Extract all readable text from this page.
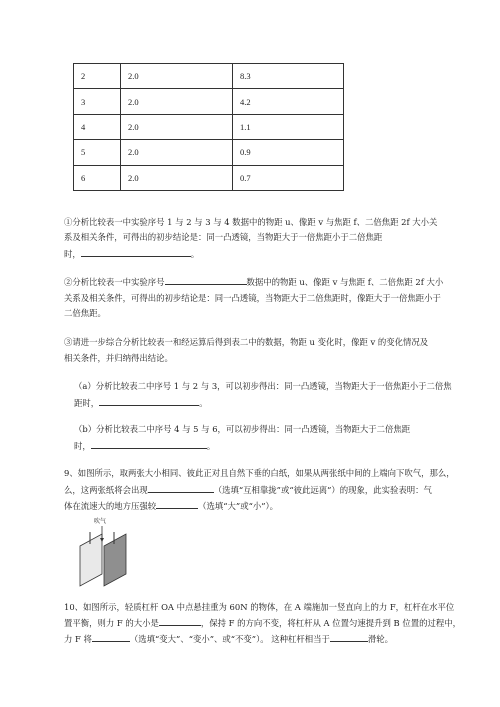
2	2.0	8.3
3	2.0	4.2
4	2.0	1.1
5	2.0	0.9
6	2.0	0.7
①分析比较表一中实验序号 1 与 2 与 3 与 4 数据中的物距 u、像距 v 与焦距 f、二倍焦距 2f 大小关
系及相关条件，可得出的初步结论是：同一凸透镜，当物距大于一倍焦距小于二倍焦距
时，	。
②分析比较表一中实验序号	数据中的物距 u、像距 v 与焦距 f、二倍焦距 2f 大小
关系及相关条件，可得出的初步结论是：同一凸透镜，当物距大于二倍焦距时，像距大于一倍焦距小于
二倍焦距。
③请进一步综合分析比较表一和经运算后得到表二中的数据，物距 u 变化时，像距 v 的变化情况及
相关条件，并归纳得出结论。
（a）分析比较表二中序号 1 与 2 与 3，可以初步得出：同一凸透镜，当物距大于一倍焦距小于二倍焦
距时，	。
（b）分析比较表二中序号 4 与 5 与 6，可以初步得出：同一凸透镜，当物距大于二倍焦距
时，	。
9、如图所示，取两张大小相同、彼此正对且自然下垂的白纸，如果从两张纸中间的上端向下吹气，那么，
么，这两张纸将会出现	（选填“互相靠拢”或“彼此远离”）的现象，此实验表明：气
体在流速大的地方压强较	（选填“大”或“小”）。
吹气
10、如图所示，轻质杠杆 OA 中点悬挂重为 60N 的物体，在 A 端施加一竖直向上的力 F，杠杆在水平位
置平衡，则力 F 的大小是	，保持 F 的方向不变，将杠杆从 A 位置匀速提升到 B 位置的过程中，
力 F 将	（选填“变大”、“变小”、或“不变”）。 这种杠杆相当于	滑轮。
